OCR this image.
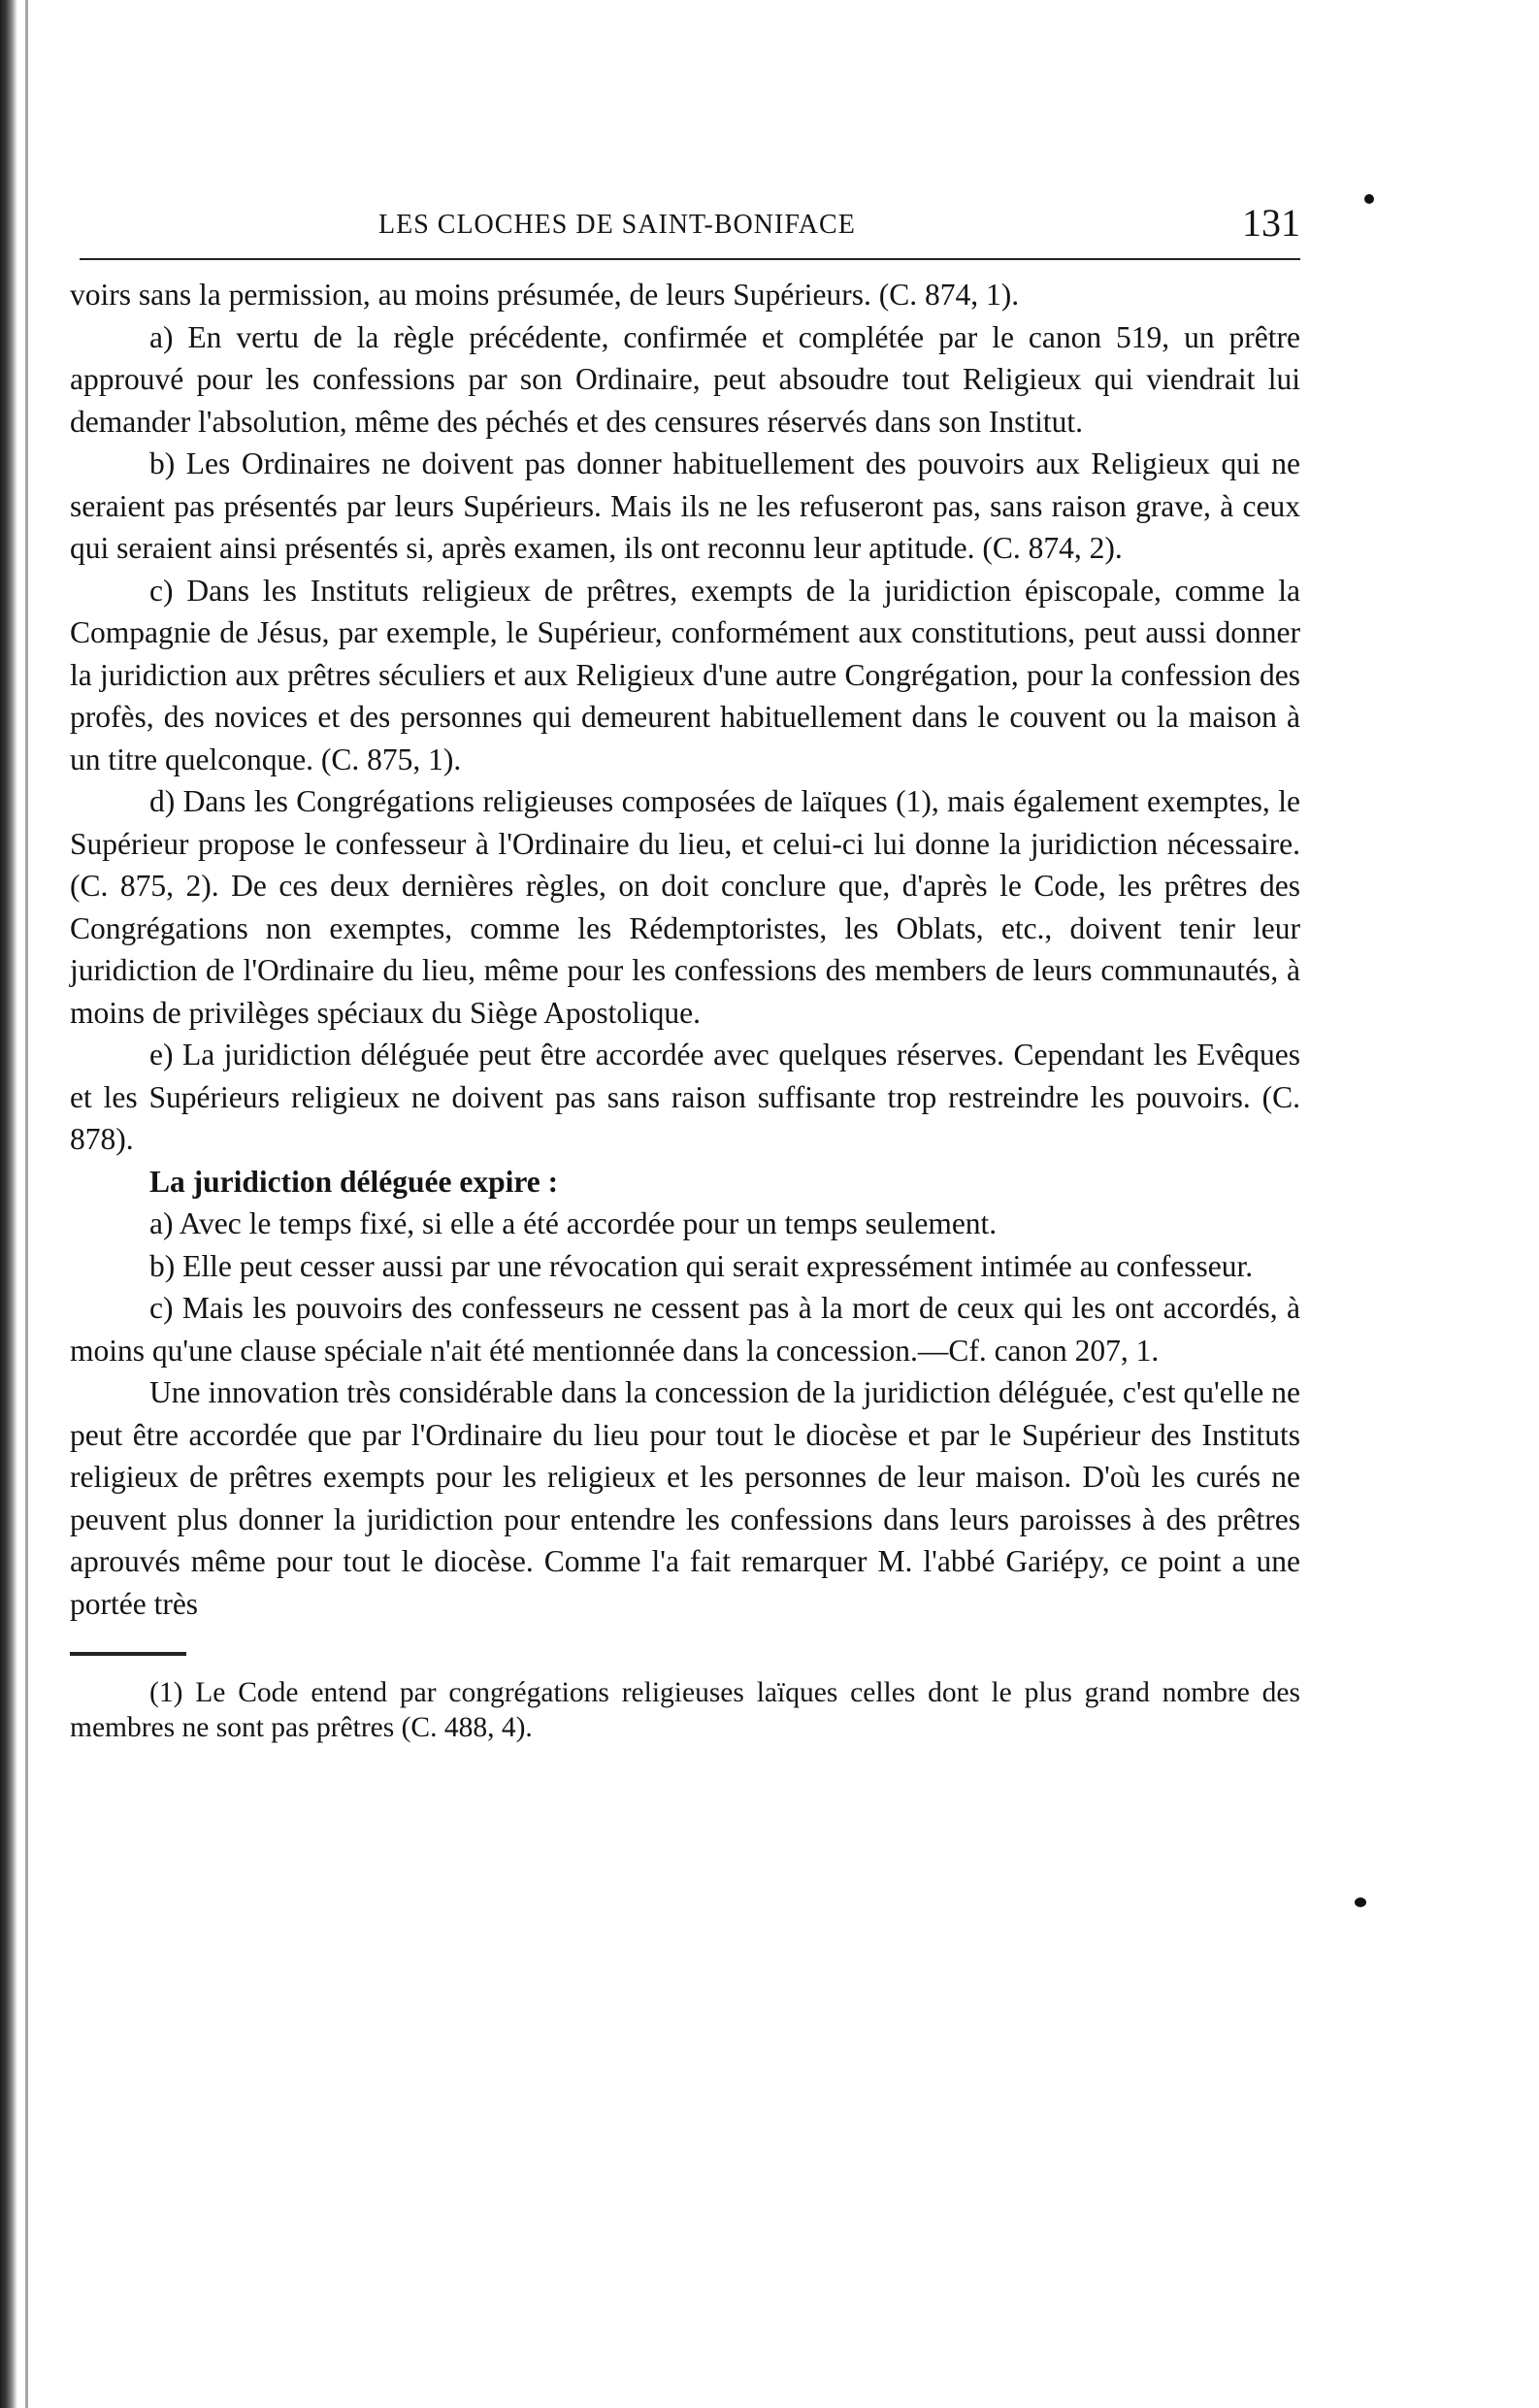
LES CLOCHES DE SAINT-BONIFACE	131

voirs sans la permission, au moins présumée, de leurs Supérieurs. (C. 874, 1).

a) En vertu de la règle précédente, confirmée et complétée par le canon 519, un prêtre approuvé pour les confessions par son Ordinaire, peut absoudre tout Religieux qui viendrait lui demander l'absolution, même des péchés et des censures réservés dans son Institut.

b) Les Ordinaires ne doivent pas donner habituellement des pouvoirs aux Religieux qui ne seraient pas présentés par leurs Supérieurs. Mais ils ne les refuseront pas, sans raison grave, à ceux qui seraient ainsi présentés si, après examen, ils ont reconnu leur aptitude. (C. 874, 2).

c) Dans les Instituts religieux de prêtres, exempts de la juridiction épiscopale, comme la Compagnie de Jésus, par exemple, le Supérieur, conformément aux constitutions, peut aussi donner la juridiction aux prêtres séculiers et aux Religieux d'une autre Congrégation, pour la confession des profès, des novices et des personnes qui demeurent habituellement dans le couvent ou la maison à un titre quelconque. (C. 875, 1).

d) Dans les Congrégations religieuses composées de laïques (1), mais également exemptes, le Supérieur propose le confesseur à l'Ordinaire du lieu, et celui-ci lui donne la juridiction nécessaire. (C. 875, 2). De ces deux dernières règles, on doit conclure que, d'après le Code, les prêtres des Congrégations non exemptes, comme les Rédemptoristes, les Oblats, etc., doivent tenir leur juridiction de l'Ordinaire du lieu, même pour les confessions des members de leurs communautés, à moins de privilèges spéciaux du Siège Apostolique.

e) La juridiction déléguée peut être accordée avec quelques réserves. Cependant les Evêques et les Supérieurs religieux ne doivent pas sans raison suffisante trop restreindre les pouvoirs. (C. 878).

La juridiction déléguée expire :

a) Avec le temps fixé, si elle a été accordée pour un temps seulement.

b) Elle peut cesser aussi par une révocation qui serait expressément intimée au confesseur.

c) Mais les pouvoirs des confesseurs ne cessent pas à la mort de ceux qui les ont accordés, à moins qu'une clause spéciale n'ait été mentionnée dans la concession.—Cf. canon 207, 1.

Une innovation très considérable dans la concession de la juridiction déléguée, c'est qu'elle ne peut être accordée que par l'Ordinaire du lieu pour tout le diocèse et par le Supérieur des Instituts religieux de prêtres exempts pour les religieux et les personnes de leur maison. D'où les curés ne peuvent plus donner la juridiction pour entendre les confessions dans leurs paroisses à des prêtres aprouvés même pour tout le diocèse. Comme l'a fait remarquer M. l'abbé Gariépy, ce point a une portée très

(1) Le Code entend par congrégations religieuses laïques celles dont le plus grand nombre des membres ne sont pas prêtres (C. 488, 4).
